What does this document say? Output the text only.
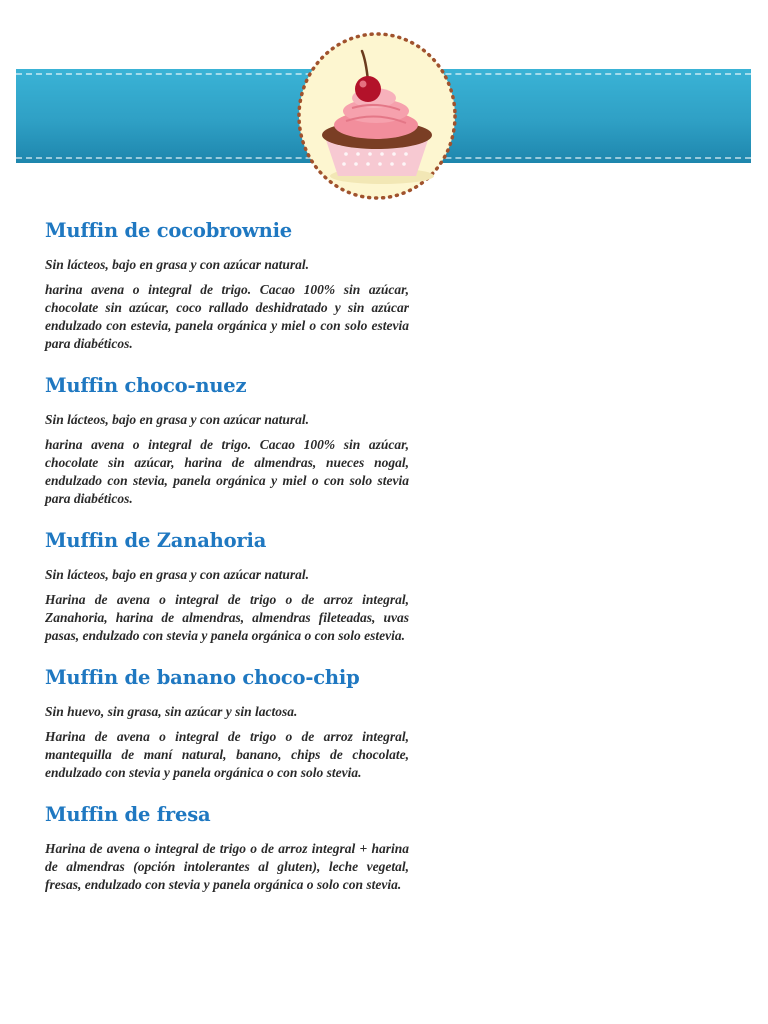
Muffin de cocobrownie

Sin lácteos, bajo en grasa y con azúcar natural.

harina avena o integral de trigo. Cacao 100% sin azúcar, chocolate sin azúcar, coco rallado deshidratado y sin azúcar endulzado con estevia, panela orgánica y miel o con solo estevia para diabéticos.

Muffin choco-nuez

Sin lácteos, bajo en grasa y con azúcar natural.

harina avena o integral de trigo. Cacao 100% sin azúcar, chocolate sin azúcar, harina de almendras, nueces nogal, endulzado con stevia, panela orgánica y miel o con solo stevia para diabéticos.

Muffin de Zanahoria

Sin lácteos, bajo en grasa y con azúcar natural.

Harina de avena o integral de trigo o de arroz integral, Zanahoria, harina de almendras, almendras fileteadas, uvas pasas, endulzado con stevia y panela orgánica o con solo estevia.

Muffin de banano choco-chip

Sin huevo, sin grasa, sin azúcar y sin lactosa.

Harina de avena o integral de trigo o de arroz integral, mantequilla de maní natural, banano, chips de chocolate, endulzado con stevia y panela orgánica o con solo stevia.

Muffin de fresa

Harina de avena o integral de trigo o de arroz integral + harina de almendras (opción intolerantes al gluten), leche vegetal, fresas, endulzado con stevia y panela orgánica o solo con stevia.
